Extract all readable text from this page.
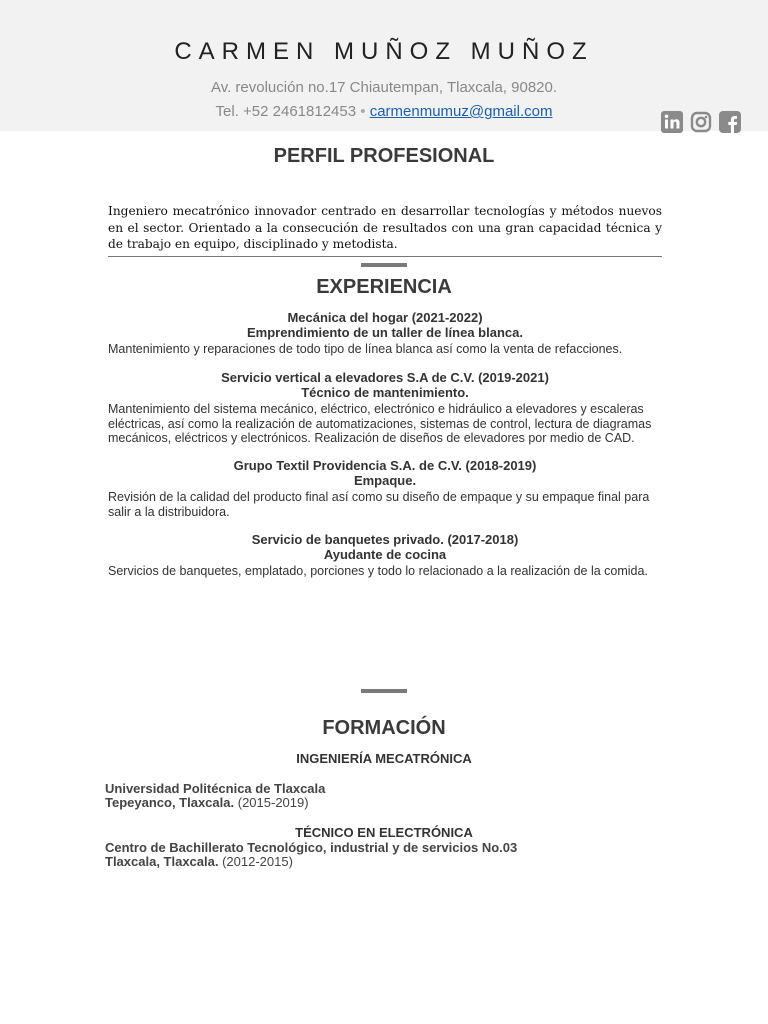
CARMEN MUÑOZ MUÑOZ
Av. revolución no.17 Chiautempan, Tlaxcala, 90820.
Tel. +52 2461812453 • carmenmumuz@gmail.com
PERFIL PROFESIONAL
Ingeniero mecatrónico innovador centrado en desarrollar tecnologías y métodos nuevos en el sector. Orientado a la consecución de resultados con una gran capacidad técnica y de trabajo en equipo, disciplinado y metodista.
EXPERIENCIA
Mecánica del hogar (2021-2022)
Emprendimiento de un taller de línea blanca.
Mantenimiento y reparaciones de todo tipo de línea blanca así como la venta de refacciones.
Servicio vertical a elevadores S.A de C.V. (2019-2021)
Técnico de mantenimiento.
Mantenimiento del sistema mecánico, eléctrico, electrónico e hidráulico a elevadores y escaleras eléctricas, así como la realización de automatizaciones, sistemas de control, lectura de diagramas mecánicos, eléctricos y electrónicos. Realización de diseños de elevadores por medio de CAD.
Grupo Textil Providencia S.A. de C.V. (2018-2019)
Empaque.
Revisión de la calidad del producto final así como su diseño de empaque y su empaque final para salir a la distribuidora.
Servicio de banquetes privado. (2017-2018)
Ayudante de cocina
Servicios de banquetes, emplatado, porciones y todo lo relacionado a la realización de la comida.
FORMACIÓN
INGENIERÍA MECATRÓNICA
Universidad Politécnica de Tlaxcala
Tepeyanco, Tlaxcala. (2015-2019)
TÉCNICO EN ELECTRÓNICA
Centro de Bachillerato Tecnológico, industrial y de servicios No.03
Tlaxcala, Tlaxcala. (2012-2015)
